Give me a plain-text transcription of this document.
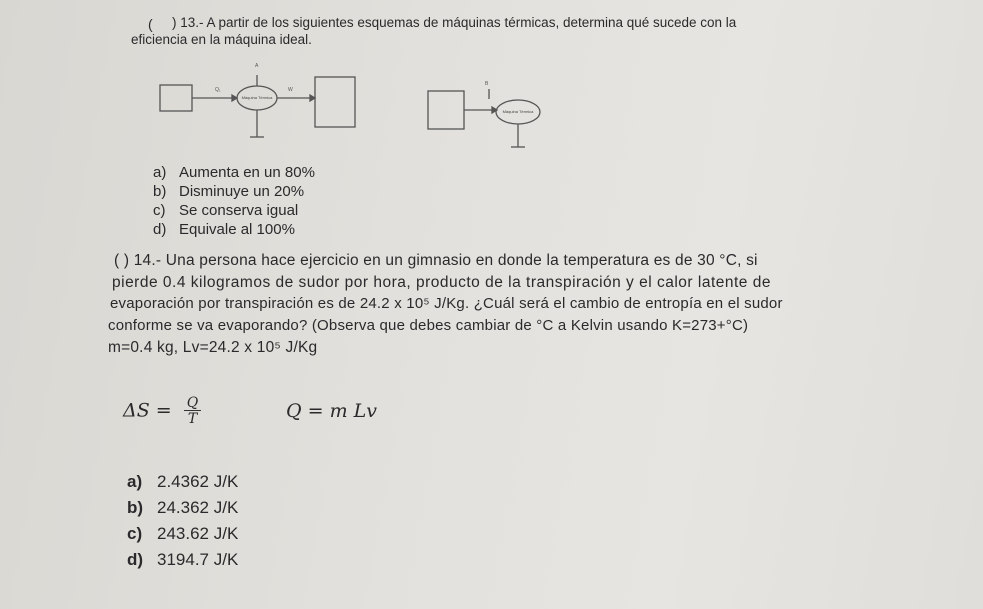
( ) 13.- A partir de los siguientes esquemas de máquinas térmicas, determina qué sucede con la
eficiencia en la máquina ideal.
Máquina Térmica
Q₁	W
A
Máquina Térmica
B
a) Aumenta en un 80%
b) Disminuye un 20%
c) Se conserva igual
d) Equivale al 100%
( ) 14.- Una persona hace ejercicio en un gimnasio en donde la temperatura es de 30 °C, si
pierde 0.4 kilogramos de sudor por hora, producto de la transpiración y el calor latente de
evaporación por transpiración es de 24.2 x 10⁵ J/Kg. ¿Cuál será el cambio de entropía en el sudor
conforme se va evaporando? (Observa que debes cambiar de °C a Kelvin usando K=273+°C)
m=0.4 kg, Lv=24.2 x 10⁵ J/Kg
$\Delta S = \frac{Q}{T}$	Q = m Lv
a) 2.4362 J/K
b) 24.362 J/K
c) 243.62 J/K
d) 3194.7 J/K
